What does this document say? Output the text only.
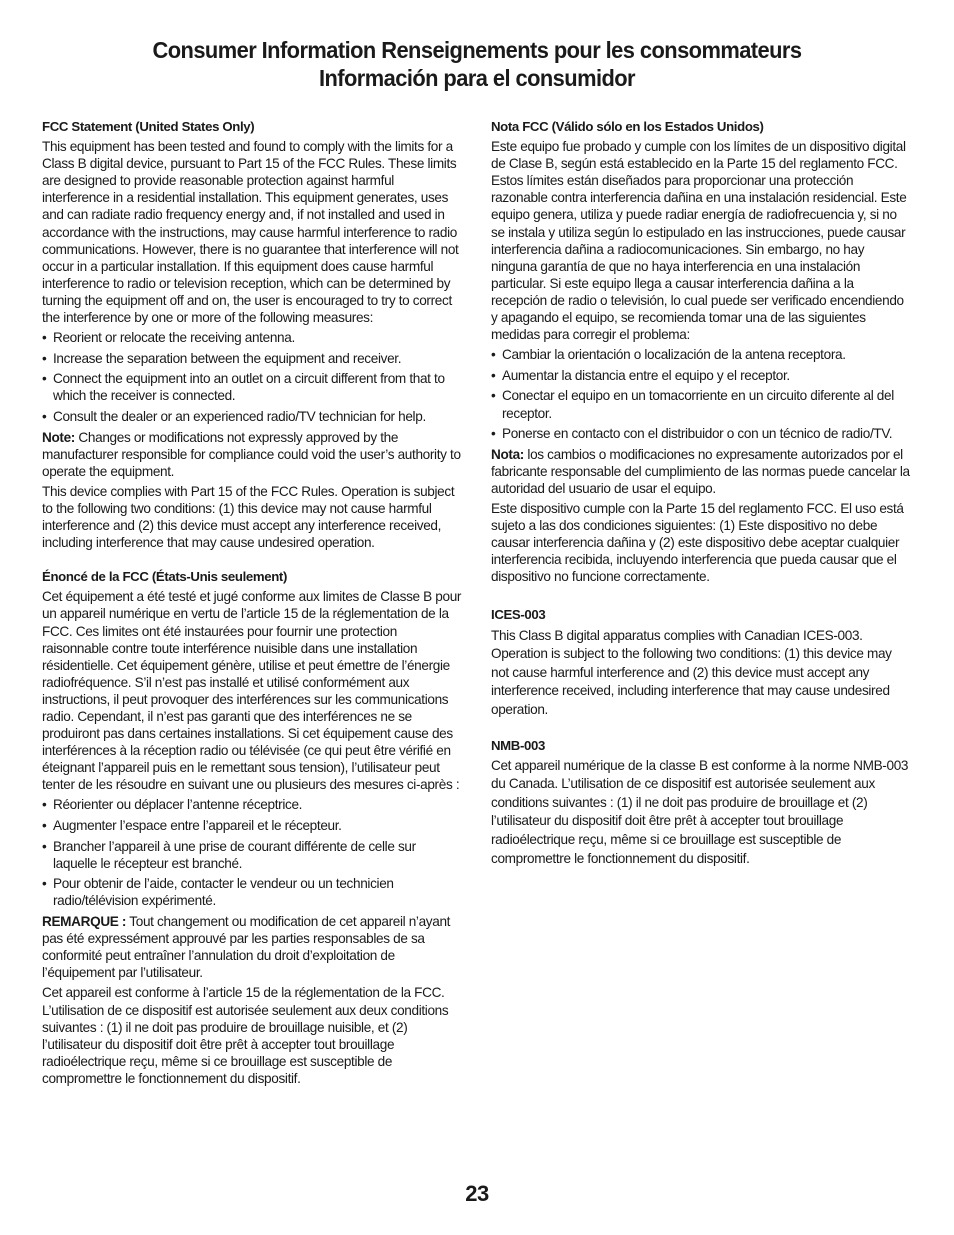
Consumer Information Renseignements pour les consommateurs
Información para el consumidor
FCC Statement (United States Only)
This equipment has been tested and found to comply with the limits for a Class B digital device, pursuant to Part 15 of the FCC Rules. These limits are designed to provide reasonable protection against harmful interference in a residential installation. This equipment generates, uses and can radiate radio frequency energy and, if not installed and used in accordance with the instructions, may cause harmful interference to radio communications. However, there is no guarantee that interference will not occur in a particular installation. If this equipment does cause harmful interference to radio or television reception, which can be determined by turning the equipment off and on, the user is encouraged to try to correct the interference by one or more of the following measures:
• Reorient or relocate the receiving antenna.
• Increase the separation between the equipment and receiver.
• Connect the equipment into an outlet on a circuit different from that to which the receiver is connected.
• Consult the dealer or an experienced radio/TV technician for help.
Note: Changes or modifications not expressly approved by the manufacturer responsible for compliance could void the user’s authority to operate the equipment.
This device complies with Part 15 of the FCC Rules. Operation is subject to the following two conditions: (1) this device may not cause harmful interference and (2) this device must accept any interference received, including interference that may cause undesired operation.
Énoncé de la FCC (États-Unis seulement)
Cet équipement a été testé et jugé conforme aux limites de Classe B pour un appareil numérique en vertu de l’article 15 de la réglementation de la FCC. Ces limites ont été instaurées pour fournir une protection raisonnable contre toute interférence nuisible dans une installation résidentielle. Cet équipement génère, utilise et peut émettre de l’énergie radiofréquence. S’il n’est pas installé et utilisé conformément aux instructions, il peut provoquer des interférences sur les communications radio. Cependant, il n’est pas garanti que des interférences ne se produiront pas dans certaines installations. Si cet équipement cause des interférences à la réception radio ou télévisée (ce qui peut être vérifié en éteignant l’appareil puis en le remettant sous tension), l’utilisateur peut tenter de les résoudre en suivant une ou plusieurs des mesures ci-après :
• Réorienter ou déplacer l’antenne réceptrice.
• Augmenter l’espace entre l’appareil et le récepteur.
• Brancher l’appareil à une prise de courant différente de celle sur laquelle le récepteur est branché.
• Pour obtenir de l’aide, contacter le vendeur ou un technicien radio/télévision expérimenté.
REMARQUE : Tout changement ou modification de cet appareil n’ayant pas été expressément approuvé par les parties responsables de sa conformité peut entraîner l’annulation du droit d’exploitation de l’équipement par l’utilisateur.
Cet appareil est conforme à l’article 15 de la réglementation de la FCC. L’utilisation de ce dispositif est autorisée seulement aux deux conditions suivantes : (1) il ne doit pas produire de brouillage nuisible, et (2) l’utilisateur du dispositif doit être prêt à accepter tout brouillage radioélectrique reçu, même si ce brouillage est susceptible de compromettre le fonctionnement du dispositif.
Nota FCC (Válido sólo en los Estados Unidos)
Este equipo fue probado y cumple con los límites de un dispositivo digital de Clase B, según está establecido en la Parte 15 del reglamento FCC. Estos límites están diseñados para proporcionar una protección razonable contra interferencia dañina en una instalación residencial. Este equipo genera, utiliza y puede radiar energía de radiofrecuencia y, si no se instala y utiliza según lo estipulado en las instrucciones, puede causar interferencia dañina a radiocomunicaciones. Sin embargo, no hay ninguna garantía de que no haya interferencia en una instalación particular. Si este equipo llega a causar interferencia dañina a la recepción de radio o televisión, lo cual puede ser verificado encendiendo y apagando el equipo, se recomienda tomar una de las siguientes medidas para corregir el problema:
• Cambiar la orientación o localización de la antena receptora.
• Aumentar la distancia entre el equipo y el receptor.
• Conectar el equipo en un tomacorriente en un circuito diferente al del receptor.
• Ponerse en contacto con el distribuidor o con un técnico de radio/TV.
Nota: los cambios o modificaciones no expresamente autorizados por el fabricante responsable del cumplimiento de las normas puede cancelar la autoridad del usuario de usar el equipo.
Este dispositivo cumple con la Parte 15 del reglamento FCC. El uso está sujeto a las dos condiciones siguientes: (1) Este dispositivo no debe causar interferencia dañina y (2) este dispositivo debe aceptar cualquier interferencia recibida, incluyendo interferencia que pueda causar que el dispositivo no funcione correctamente.
ICES-003
This Class B digital apparatus complies with Canadian ICES-003. Operation is subject to the following two conditions: (1) this device may not cause harmful interference and (2) this device must accept any interference received, including interference that may cause undesired operation.
NMB-003
Cet appareil numérique de la classe B est conforme à la norme NMB-003 du Canada. L’utilisation de ce dispositif est autorisée seulement aux conditions suivantes : (1) il ne doit pas produire de brouillage et (2) l’utilisateur du dispositif doit être prêt à accepter tout brouillage radioélectrique reçu, même si ce brouillage est susceptible de compromettre le fonctionnement du dispositif.
23
